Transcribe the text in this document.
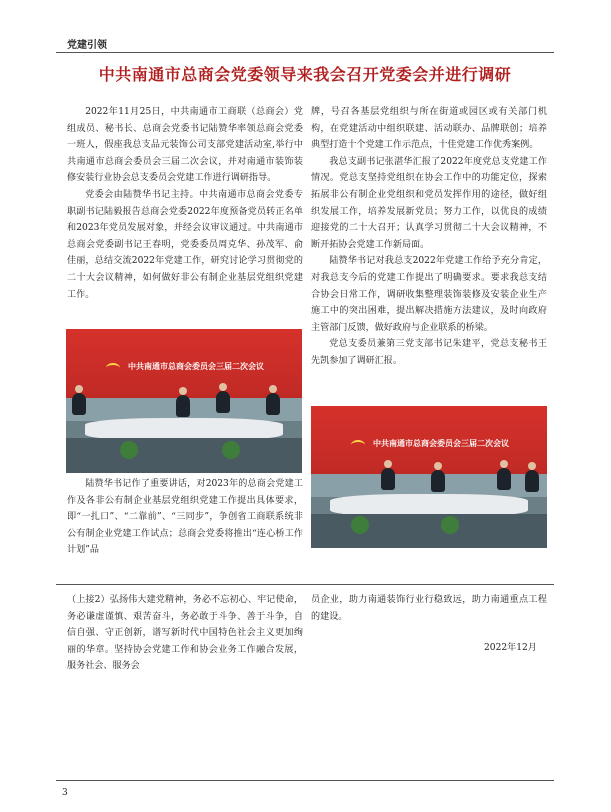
党建引领
中共南通市总商会党委领导来我会召开党委会并进行调研

2022年11月25日，中共南通市工商联（总商会）党组成员、秘书长、总商会党委书记陆赞华率领总商会党委一班人，假座我总支品元装饰公司支部党建活动室,举行中共南通市总商会委员会三届二次会议，并对南通市装饰装修安装行业协会总支委员会党建工作进行调研指导。

党委会由陆赞华书记主持。中共南通市总商会党委专职副书记陆毅报告总商会党委2022年度预备党员转正名单和2023年党员发展对象，并经会议审议通过。中共南通市总商会党委副书记王春明，党委委员周克华、孙茂军、俞佳丽，总结交流2022年党建工作，研究讨论学习贯彻党的二十大会议精神，如何做好非公有制企业基层党组织党建工作。

中共南通市总商会委员会三届二次会议

陆赞华书记作了重要讲话，对2023年的总商会党建工作及各非公有制企业基层党组织党建工作提出具体要求，即“一扎口”、“二靠前”、“三同步”，争创省工商联系统非公有制企业党建工作试点；总商会党委将推出“连心桥工作计划”品

牌，号召各基层党组织与所在街道或园区或有关部门机构，在党建活动中组织联建、活动联办、品牌联创；培养典型打造十个党建工作示范点，十佳党建工作优秀案例。

我总支副书记张湛华汇报了2022年度党总支党建工作情况。党总支坚持党组织在协会工作中的功能定位，探索拓展非公有制企业党组织和党员发挥作用的途径，做好组织发展工作，培养发展新党员；努力工作，以优良的成绩迎接党的二十大召开；认真学习贯彻二十大会议精神，不断开拓协会党建工作新局面。

陆赞华书记对我总支2022年党建工作给予充分肯定，对我总支今后的党建工作提出了明确要求。要求我总支结合协会日常工作，调研收集整理装饰装修及安装企业生产施工中的突出困难，提出解决措施方法建议，及时向政府主管部门反馈，做好政府与企业联系的桥梁。

党总支委员兼第三党支部书记朱建平，党总支秘书王先凯参加了调研汇报。

中共南通市总商会委员会三届二次会议

（上接2）弘扬伟大建党精神，务必不忘初心、牢记使命，务必谦虚谨慎、艰苦奋斗，务必敢于斗争、善于斗争，自信自强、守正创新，谱写新时代中国特色社会主义更加绚丽的华章。坚持协会党建工作和协会业务工作融合发展，服务社会、服务会

员企业，助力南通装饰行业行稳致远，助力南通重点工程的建设。

2022年12月
3
